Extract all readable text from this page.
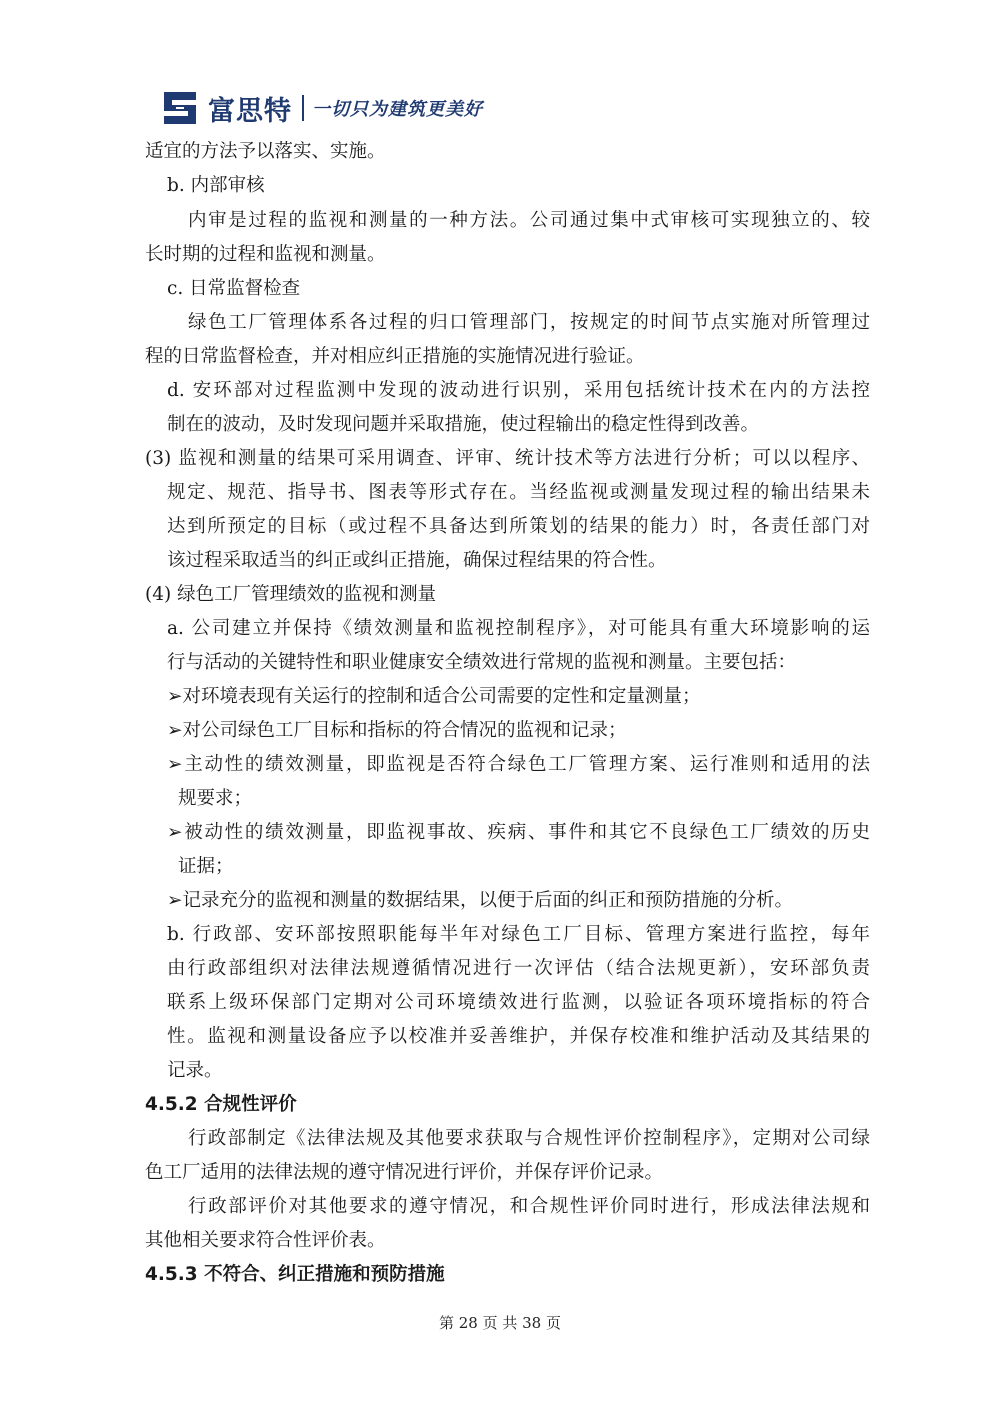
富思特 一切只为建筑更美好
适宜的方法予以落实、实施。
b. 内部审核
内审是过程的监视和测量的一种方法。公司通过集中式审核可实现独立的、较
长时期的过程和监视和测量。
c. 日常监督检查
绿色工厂管理体系各过程的归口管理部门，按规定的时间节点实施对所管理过
程的日常监督检查，并对相应纠正措施的实施情况进行验证。
d. 安环部对过程监测中发现的波动进行识别，采用包括统计技术在内的方法控
制在的波动，及时发现问题并采取措施，使过程输出的稳定性得到改善。
(3) 监视和测量的结果可采用调查、评审、统计技术等方法进行分析；可以以程序、
规定、规范、指导书、图表等形式存在。当经监视或测量发现过程的输出结果未
达到所预定的目标（或过程不具备达到所策划的结果的能力）时，各责任部门对
该过程采取适当的纠正或纠正措施，确保过程结果的符合性。
(4) 绿色工厂管理绩效的监视和测量
a. 公司建立并保持《绩效测量和监视控制程序》，对可能具有重大环境影响的运
行与活动的关键特性和职业健康安全绩效进行常规的监视和测量。主要包括：
➢对环境表现有关运行的控制和适合公司需要的定性和定量测量；
➢对公司绿色工厂目标和指标的符合情况的监视和记录；
➢主动性的绩效测量，即监视是否符合绿色工厂管理方案、运行准则和适用的法
规要求；
➢被动性的绩效测量，即监视事故、疾病、事件和其它不良绿色工厂绩效的历史
证据；
➢记录充分的监视和测量的数据结果，以便于后面的纠正和预防措施的分析。
b. 行政部、安环部按照职能每半年对绿色工厂目标、管理方案进行监控，每年
由行政部组织对法律法规遵循情况进行一次评估（结合法规更新），安环部负责
联系上级环保部门定期对公司环境绩效进行监测，以验证各项环境指标的符合
性。监视和测量设备应予以校准并妥善维护，并保存校准和维护活动及其结果的
记录。
4.5.2 合规性评价
行政部制定《法律法规及其他要求获取与合规性评价控制程序》，定期对公司绿
色工厂适用的法律法规的遵守情况进行评价，并保存评价记录。
行政部评价对其他要求的遵守情况，和合规性评价同时进行，形成法律法规和
其他相关要求符合性评价表。
4.5.3 不符合、纠正措施和预防措施
第 28 页 共 38 页
